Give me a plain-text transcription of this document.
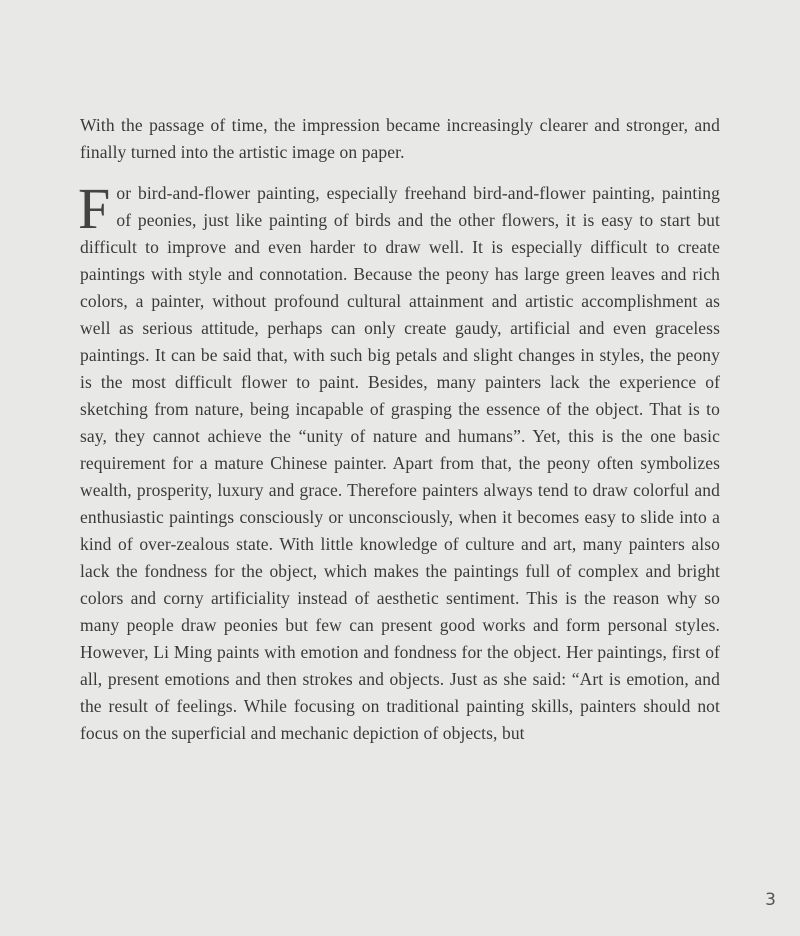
With the passage of time, the impression became increasingly clearer and stronger, and finally turned into the artistic image on paper.

For bird-and-flower painting, especially freehand bird-and-flower painting, painting of peonies, just like painting of birds and the other flowers, it is easy to start but difficult to improve and even harder to draw well. It is especially difficult to create paintings with style and connotation. Because the peony has large green leaves and rich colors, a painter, without profound cultural attainment and artistic accomplishment as well as serious attitude, perhaps can only create gaudy, artificial and even graceless paintings. It can be said that, with such big petals and slight changes in styles, the peony is the most difficult flower to paint. Besides, many painters lack the experience of sketching from nature, being incapable of grasping the essence of the object. That is to say, they cannot achieve the “unity of nature and humans”. Yet, this is the one basic requirement for a mature Chinese painter. Apart from that, the peony often symbolizes wealth, prosperity, luxury and grace. Therefore painters always tend to draw colorful and enthusiastic paintings consciously or unconsciously, when it becomes easy to slide into a kind of over-zealous state. With little knowledge of culture and art, many painters also lack the fondness for the object, which makes the paintings full of complex and bright colors and corny artificiality instead of aesthetic sentiment. This is the reason why so many people draw peonies but few can present good works and form personal styles. However, Li Ming paints with emotion and fondness for the object. Her paintings, first of all, present emotions and then strokes and objects. Just as she said: “Art is emotion, and the result of feelings. While focusing on traditional painting skills, painters should not focus on the superficial and mechanic depiction of objects, but
3
